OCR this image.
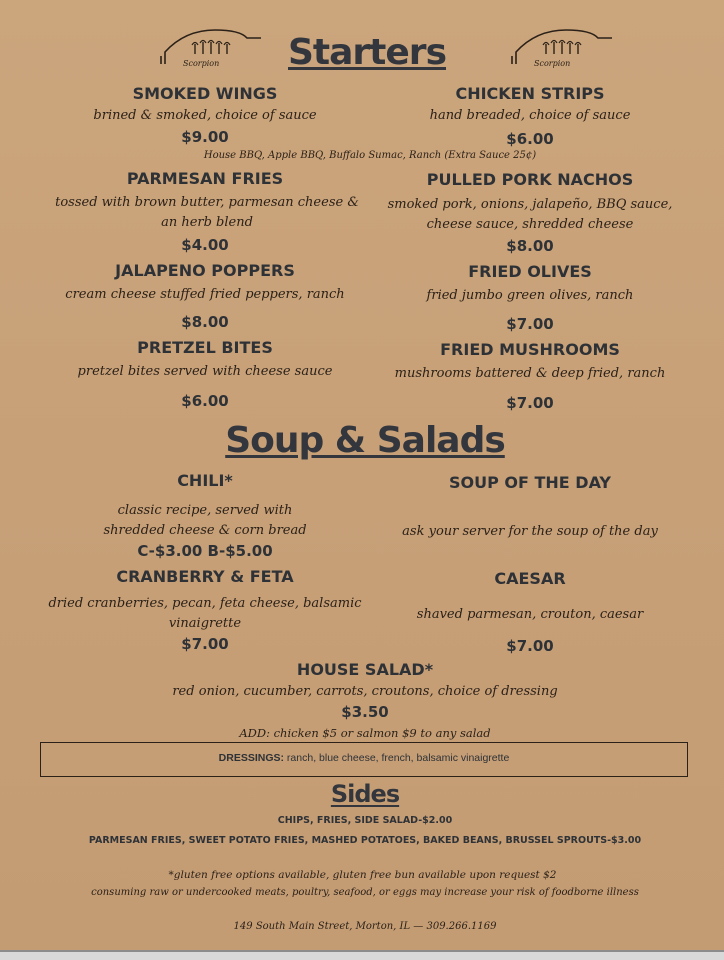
Scorpion	Scorpion
Starters
SMOKED WINGS
brined & smoked, choice of sauce
$9.00
CHICKEN STRIPS
hand breaded, choice of sauce
$6.00
House BBQ, Apple BBQ, Buffalo Sumac, Ranch (Extra Sauce 25¢)
PARMESAN FRIES
tossed with brown butter, parmesan cheese & an herb blend
$4.00
PULLED PORK NACHOS
smoked pork, onions, jalapeño, BBQ sauce, cheese sauce, shredded cheese
$8.00
JALAPENO POPPERS
cream cheese stuffed fried peppers, ranch
$8.00
FRIED OLIVES
fried jumbo green olives, ranch
$7.00
PRETZEL BITES
pretzel bites served with cheese sauce
$6.00
FRIED MUSHROOMS
mushrooms battered & deep fried, ranch
$7.00
Soup & Salads
CHILI*
classic recipe, served with shredded cheese & corn bread
C-$3.00 B-$5.00
SOUP OF THE DAY
ask your server for the soup of the day
CRANBERRY & FETA
dried cranberries, pecan, feta cheese, balsamic vinaigrette
$7.00
CAESAR
shaved parmesan, crouton, caesar
$7.00
HOUSE SALAD*
red onion, cucumber, carrots, croutons, choice of dressing
$3.50
ADD: chicken $5 or salmon $9 to any salad
DRESSINGS: ranch, blue cheese, french, balsamic vinaigrette
Sides
CHIPS, FRIES, SIDE SALAD-$2.00
PARMESAN FRIES, SWEET POTATO FRIES, MASHED POTATOES, BAKED BEANS, BRUSSEL SPROUTS-$3.00
*gluten free options available, gluten free bun available upon request $2
consuming raw or undercooked meats, poultry, seafood, or eggs may increase your risk of foodborne illness
149 South Main Street, Morton, IL — 309.266.1169
